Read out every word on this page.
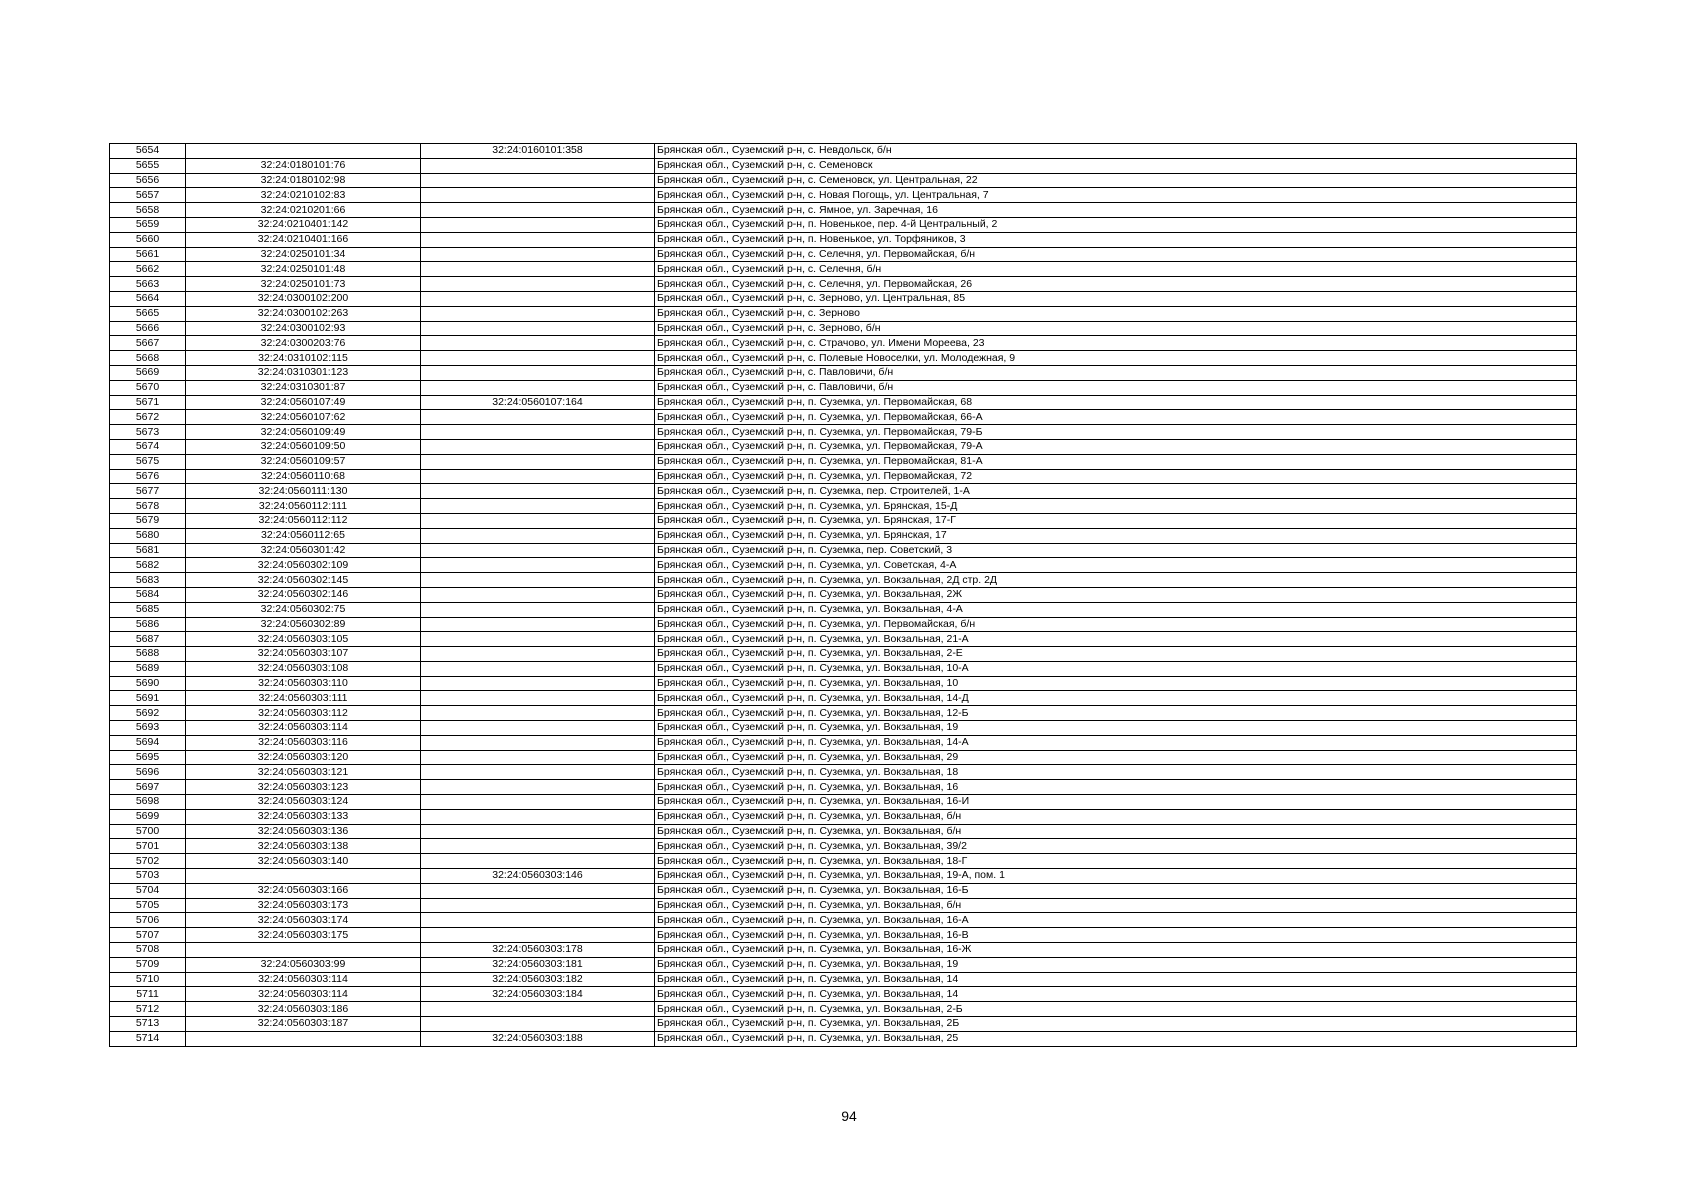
5654		32:24:0160101:358	Брянская обл., Суземский р-н, с. Невдольск, б/н
5655	32:24:0180101:76		Брянская обл., Суземский р-н, с. Семеновск
5656	32:24:0180102:98		Брянская обл., Суземский р-н, с. Семеновск, ул. Центральная, 22
5657	32:24:0210102:83		Брянская обл., Суземский р-н, с. Новая Погощь, ул. Центральная, 7
5658	32:24:0210201:66		Брянская обл., Суземский р-н, с. Ямное, ул. Заречная, 16
5659	32:24:0210401:142		Брянская обл., Суземский р-н, п. Новенькое, пер. 4-й Центральный, 2
5660	32:24:0210401:166		Брянская обл., Суземский р-н, п. Новенькое, ул. Торфяников, 3
5661	32:24:0250101:34		Брянская обл., Суземский р-н, с. Селечня, ул. Первомайская, б/н
5662	32:24:0250101:48		Брянская обл., Суземский р-н, с. Селечня, б/н
5663	32:24:0250101:73		Брянская обл., Суземский р-н, с. Селечня, ул. Первомайская, 26
5664	32:24:0300102:200		Брянская обл., Суземский р-н, с. Зерново, ул. Центральная, 85
5665	32:24:0300102:263		Брянская обл., Суземский р-н, с. Зерново
5666	32:24:0300102:93		Брянская обл., Суземский р-н, с. Зерново, б/н
5667	32:24:0300203:76		Брянская обл., Суземский р-н, с. Страчово, ул. Имени Мореева, 23
5668	32:24:0310102:115		Брянская обл., Суземский р-н, с. Полевые Новоселки, ул. Молодежная, 9
5669	32:24:0310301:123		Брянская обл., Суземский р-н, с. Павловичи, б/н
5670	32:24:0310301:87		Брянская обл., Суземский р-н, с. Павловичи, б/н
5671	32:24:0560107:49	32:24:0560107:164	Брянская обл., Суземский р-н, п. Суземка, ул. Первомайская, 68
5672	32:24:0560107:62		Брянская обл., Суземский р-н, п. Суземка, ул. Первомайская, 66-А
5673	32:24:0560109:49		Брянская обл., Суземский р-н, п. Суземка, ул. Первомайская, 79-Б
5674	32:24:0560109:50		Брянская обл., Суземский р-н, п. Суземка, ул. Первомайская, 79-А
5675	32:24:0560109:57		Брянская обл., Суземский р-н, п. Суземка, ул. Первомайская, 81-А
5676	32:24:0560110:68		Брянская обл., Суземский р-н, п. Суземка, ул. Первомайская, 72
5677	32:24:0560111:130		Брянская обл., Суземский р-н, п. Суземка, пер. Строителей, 1-А
5678	32:24:0560112:111		Брянская обл., Суземский р-н, п. Суземка, ул. Брянская, 15-Д
5679	32:24:0560112:112		Брянская обл., Суземский р-н, п. Суземка, ул. Брянская, 17-Г
5680	32:24:0560112:65		Брянская обл., Суземский р-н, п. Суземка, ул. Брянская, 17
5681	32:24:0560301:42		Брянская обл., Суземский р-н, п. Суземка, пер. Советский, 3
5682	32:24:0560302:109		Брянская обл., Суземский р-н, п. Суземка, ул. Советская, 4-А
5683	32:24:0560302:145		Брянская обл., Суземский р-н, п. Суземка, ул. Вокзальная, 2Д стр. 2Д
5684	32:24:0560302:146		Брянская обл., Суземский р-н, п. Суземка, ул. Вокзальная, 2Ж
5685	32:24:0560302:75		Брянская обл., Суземский р-н, п. Суземка, ул. Вокзальная, 4-А
5686	32:24:0560302:89		Брянская обл., Суземский р-н, п. Суземка, ул. Первомайская, б/н
5687	32:24:0560303:105		Брянская обл., Суземский р-н, п. Суземка, ул. Вокзальная, 21-А
5688	32:24:0560303:107		Брянская обл., Суземский р-н, п. Суземка, ул. Вокзальная, 2-Е
5689	32:24:0560303:108		Брянская обл., Суземский р-н, п. Суземка, ул. Вокзальная, 10-А
5690	32:24:0560303:110		Брянская обл., Суземский р-н, п. Суземка, ул. Вокзальная, 10
5691	32:24:0560303:111		Брянская обл., Суземский р-н, п. Суземка, ул. Вокзальная, 14-Д
5692	32:24:0560303:112		Брянская обл., Суземский р-н, п. Суземка, ул. Вокзальная, 12-Б
5693	32:24:0560303:114		Брянская обл., Суземский р-н, п. Суземка, ул. Вокзальная, 19
5694	32:24:0560303:116		Брянская обл., Суземский р-н, п. Суземка, ул. Вокзальная, 14-А
5695	32:24:0560303:120		Брянская обл., Суземский р-н, п. Суземка, ул. Вокзальная, 29
5696	32:24:0560303:121		Брянская обл., Суземский р-н, п. Суземка, ул. Вокзальная, 18
5697	32:24:0560303:123		Брянская обл., Суземский р-н, п. Суземка, ул. Вокзальная, 16
5698	32:24:0560303:124		Брянская обл., Суземский р-н, п. Суземка, ул. Вокзальная, 16-И
5699	32:24:0560303:133		Брянская обл., Суземский р-н, п. Суземка, ул. Вокзальная, б/н
5700	32:24:0560303:136		Брянская обл., Суземский р-н, п. Суземка, ул. Вокзальная, б/н
5701	32:24:0560303:138		Брянская обл., Суземский р-н, п. Суземка, ул. Вокзальная, 39/2
5702	32:24:0560303:140		Брянская обл., Суземский р-н, п. Суземка, ул. Вокзальная, 18-Г
5703		32:24:0560303:146	Брянская обл., Суземский р-н, п. Суземка, ул. Вокзальная, 19-А, пом. 1
5704	32:24:0560303:166		Брянская обл., Суземский р-н, п. Суземка, ул. Вокзальная, 16-Б
5705	32:24:0560303:173		Брянская обл., Суземский р-н, п. Суземка, ул. Вокзальная, б/н
5706	32:24:0560303:174		Брянская обл., Суземский р-н, п. Суземка, ул. Вокзальная, 16-А
5707	32:24:0560303:175		Брянская обл., Суземский р-н, п. Суземка, ул. Вокзальная, 16-В
5708		32:24:0560303:178	Брянская обл., Суземский р-н, п. Суземка, ул. Вокзальная, 16-Ж
5709	32:24:0560303:99	32:24:0560303:181	Брянская обл., Суземский р-н, п. Суземка, ул. Вокзальная, 19
5710	32:24:0560303:114	32:24:0560303:182	Брянская обл., Суземский р-н, п. Суземка, ул. Вокзальная, 14
5711	32:24:0560303:114	32:24:0560303:184	Брянская обл., Суземский р-н, п. Суземка, ул. Вокзальная, 14
5712	32:24:0560303:186		Брянская обл., Суземский р-н, п. Суземка, ул. Вокзальная, 2-Б
5713	32:24:0560303:187		Брянская обл., Суземский р-н, п. Суземка, ул. Вокзальная, 2Б
5714		32:24:0560303:188	Брянская обл., Суземский р-н, п. Суземка, ул. Вокзальная, 25
94
